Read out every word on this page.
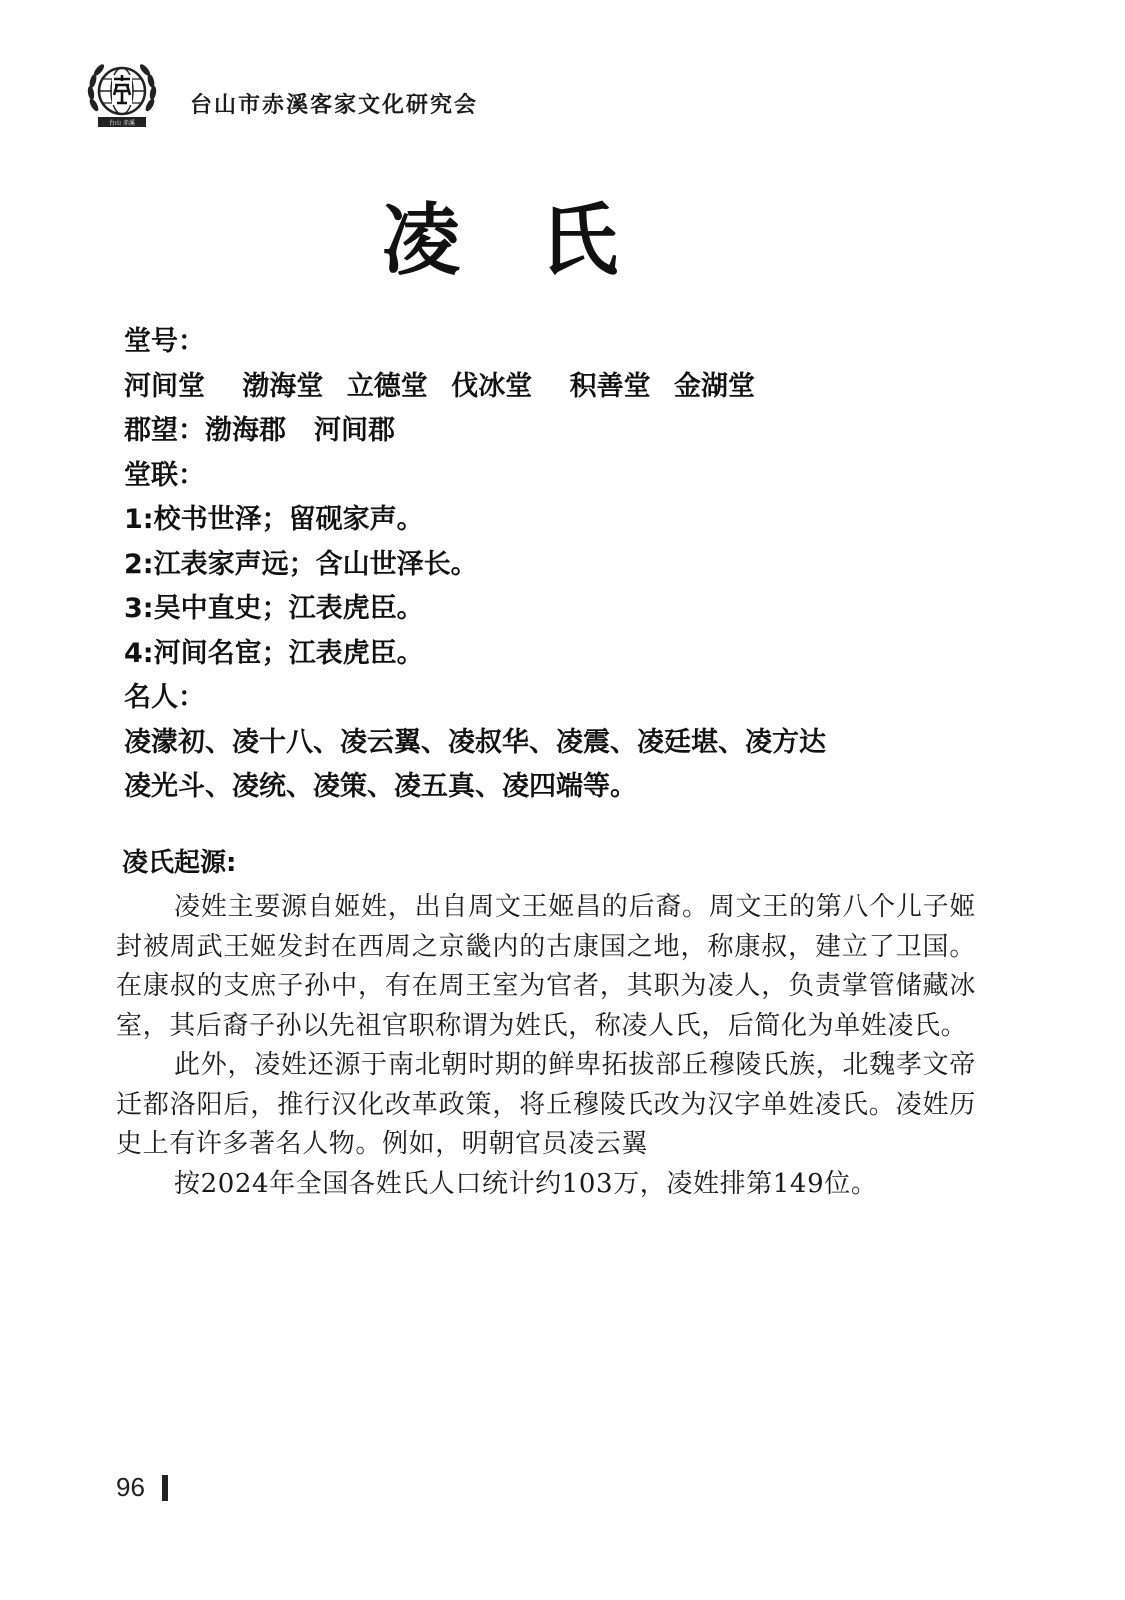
台山 赤溪
台山市赤溪客家文化研究会
凌氏
堂号：
河间堂 渤海堂 立德堂 伐冰堂 积善堂 金湖堂
郡望：渤海郡 河间郡
堂联：
1:校书世泽；留砚家声。
2:江表家声远；含山世泽长。
3:吴中直史；江表虎臣。
4:河间名宦；江表虎臣。
名人：
凌濛初、凌十八、凌云翼、凌叔华、凌震、凌廷堪、凌方达
凌光斗、凌统、凌策、凌五真、凌四端等。
凌氏起源:

凌姓主要源自姬姓，出自周文王姬昌的后裔。周文王的第八个儿子姬封被周武王姬发封在西周之京畿内的古康国之地，称康叔，建立了卫国。在康叔的支庶子孙中，有在周王室为官者，其职为凌人，负责掌管储藏冰室，其后裔子孙以先祖官职称谓为姓氏，称凌人氏，后简化为单姓凌氏。

此外，凌姓还源于南北朝时期的鲜卑拓拔部丘穆陵氏族，北魏孝文帝迁都洛阳后，推行汉化改革政策，将丘穆陵氏改为汉字单姓凌氏。凌姓历史上有许多著名人物。例如，明朝官员凌云翼

按2024年全国各姓氏人口统计约103万，凌姓排第149位。

96
